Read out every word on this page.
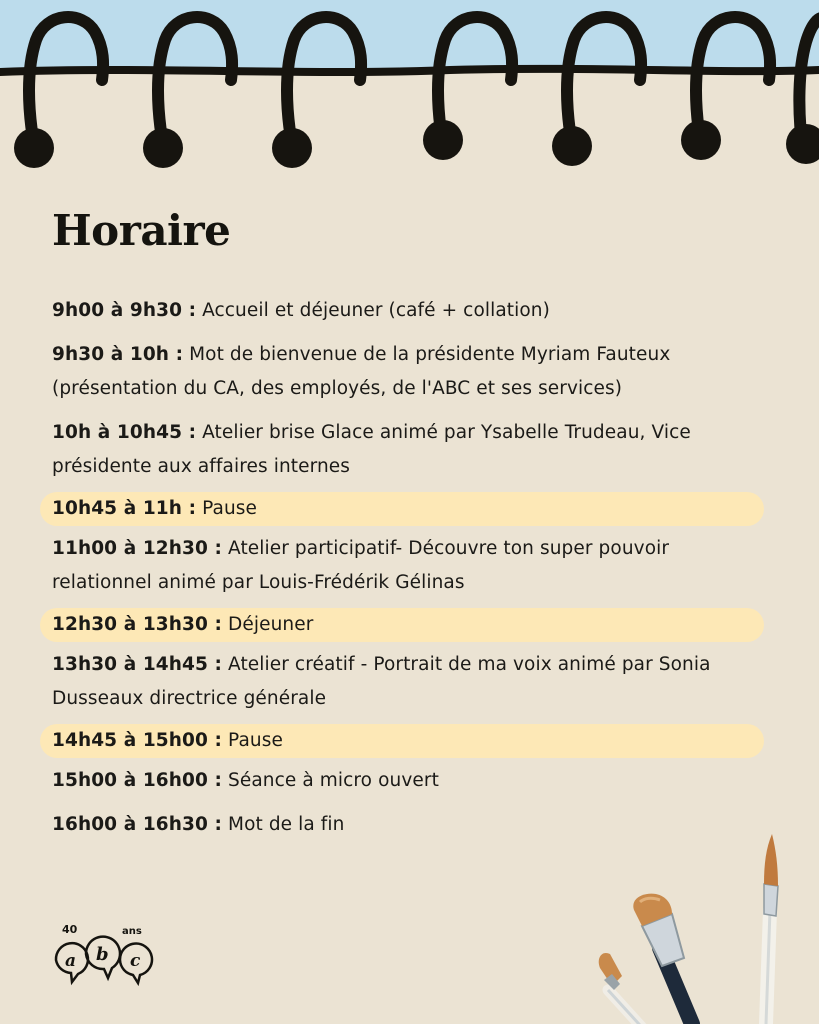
Horaire
9h00 à 9h30 : Accueil et déjeuner (café + collation)
9h30 à 10h : Mot de bienvenue de la présidente Myriam Fauteux (présentation du CA, des employés, de l'ABC et ses services)
10h à 10h45 : Atelier brise Glace animé par Ysabelle Trudeau, Vice présidente aux affaires internes
10h45 à 11h : Pause
11h00 à 12h30 : Atelier participatif- Découvre ton super pouvoir relationnel animé par Louis-Frédérik Gélinas
12h30 à 13h30 : Déjeuner
13h30 à 14h45 : Atelier créatif - Portrait de ma voix animé par Sonia Dusseaux directrice générale
14h45 à 15h00 : Pause
15h00 à 16h00 : Séance à micro ouvert
16h00 à 16h30 : Mot de la fin
40	ans
a b c
